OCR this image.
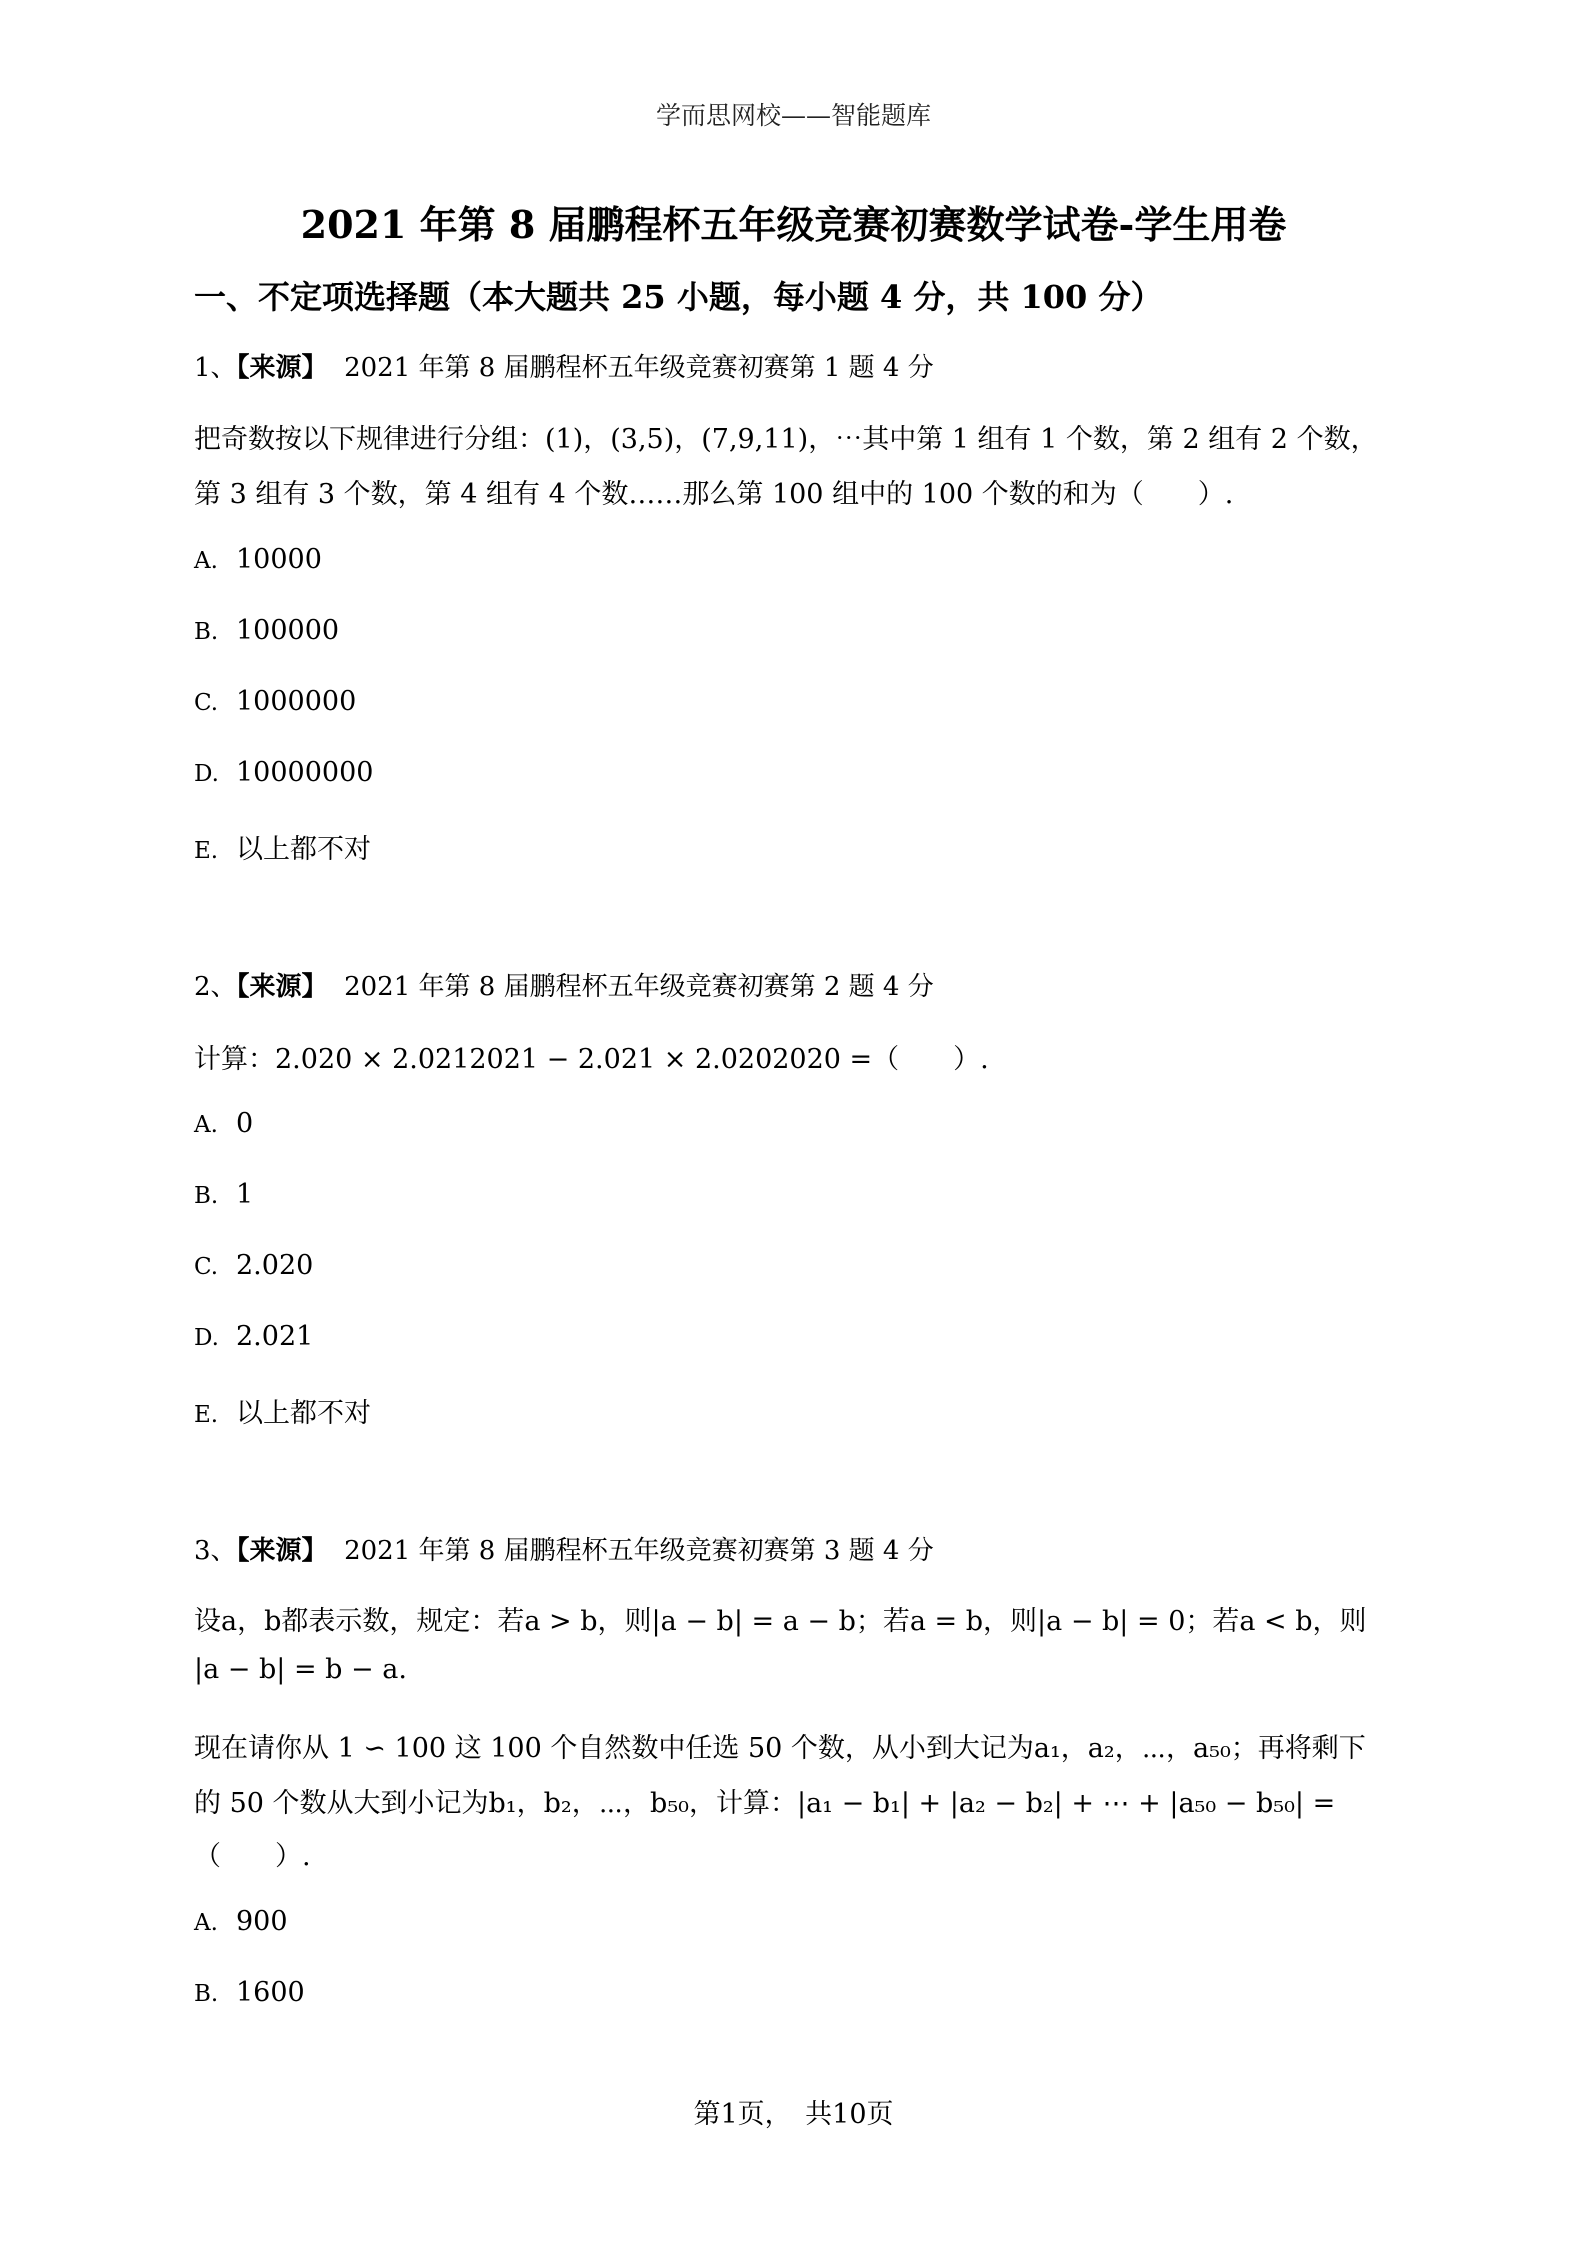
学而思网校——智能题库
2021 年第 8 届鹏程杯五年级竞赛初赛数学试卷-学生用卷
一、不定项选择题（本大题共 25 小题，每小题 4 分，共 100 分）
1、【来源】 2021 年第 8 届鹏程杯五年级竞赛初赛第 1 题 4 分
把奇数按以下规律进行分组：(1)，(3,5)，(7,9,11)，⋯其中第 1 组有 1 个数，第 2 组有 2 个数，
第 3 组有 3 个数，第 4 组有 4 个数……那么第 100 组中的 100 个数的和为（　　）.
A. 10000
B. 100000
C. 1000000
D. 10000000
E. 以上都不对
2、【来源】 2021 年第 8 届鹏程杯五年级竞赛初赛第 2 题 4 分
计算：2.020 × 2.0212021 − 2.021 × 2.0202020 =（　　）.
A. 0
B. 1
C. 2.020
D. 2.021
E. 以上都不对
3、【来源】 2021 年第 8 届鹏程杯五年级竞赛初赛第 3 题 4 分
设a，b都表示数，规定：若a > b，则|a − b| = a − b；若a = b，则|a − b| = 0；若a < b，则
|a − b| = b − a.
现在请你从 1 ∽ 100 这 100 个自然数中任选 50 个数，从小到大记为a₁，a₂，⋯，a₅₀；再将剩下
的 50 个数从大到小记为b₁，b₂，⋯，b₅₀，计算：|a₁ − b₁| + |a₂ − b₂| + ⋯ + |a₅₀ − b₅₀| =
（　　）.
A. 900
B. 1600
第1页，　共10页
